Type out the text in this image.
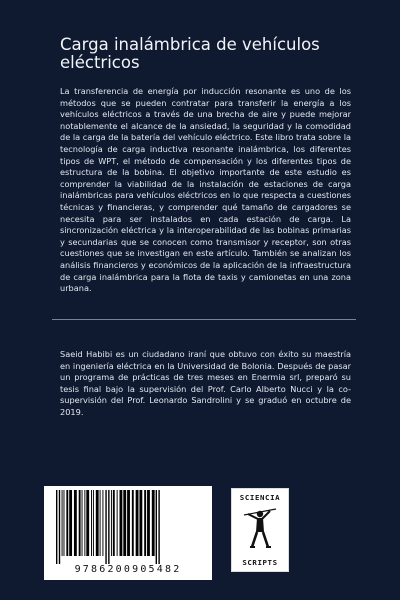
Carga inalámbrica de vehículos eléctricos

La transferencia de energía por inducción resonante es uno de los métodos que se pueden contratar para transferir la energía a los vehículos eléctricos a través de una brecha de aire y puede mejorar notablemente el alcance de la ansiedad, la seguridad y la comodidad de la carga de la batería del vehículo eléctrico. Este libro trata sobre la tecnología de carga inductiva resonante inalámbrica, los diferentes tipos de WPT, el método de compensación y los diferentes tipos de estructura de la bobina. El objetivo importante de este estudio es comprender la viabilidad de la instalación de estaciones de carga inalámbricas para vehículos eléctricos en lo que respecta a cuestiones técnicas y financieras, y comprender qué tamaño de cargadores se necesita para ser instalados en cada estación de carga. La sincronización eléctrica y la interoperabilidad de las bobinas primarias y secundarias que se conocen como transmisor y receptor, son otras cuestiones que se investigan en este artículo. También se analizan los análisis financieros y económicos de la aplicación de la infraestructura de carga inalámbrica para la flota de taxis y camionetas en una zona urbana.

Saeid Habibi es un ciudadano iraní que obtuvo con éxito su maestría en ingeniería eléctrica en la Universidad de Bolonia. Después de pasar un programa de prácticas de tres meses en Enermia srl, preparó su tesis final bajo la supervisión del Prof. Carlo Alberto Nucci y la co-supervisión del Prof. Leonardo Sandrolini y se graduó en octubre de 2019.

9786200905482
SCIENCIA
SCRIPTS
